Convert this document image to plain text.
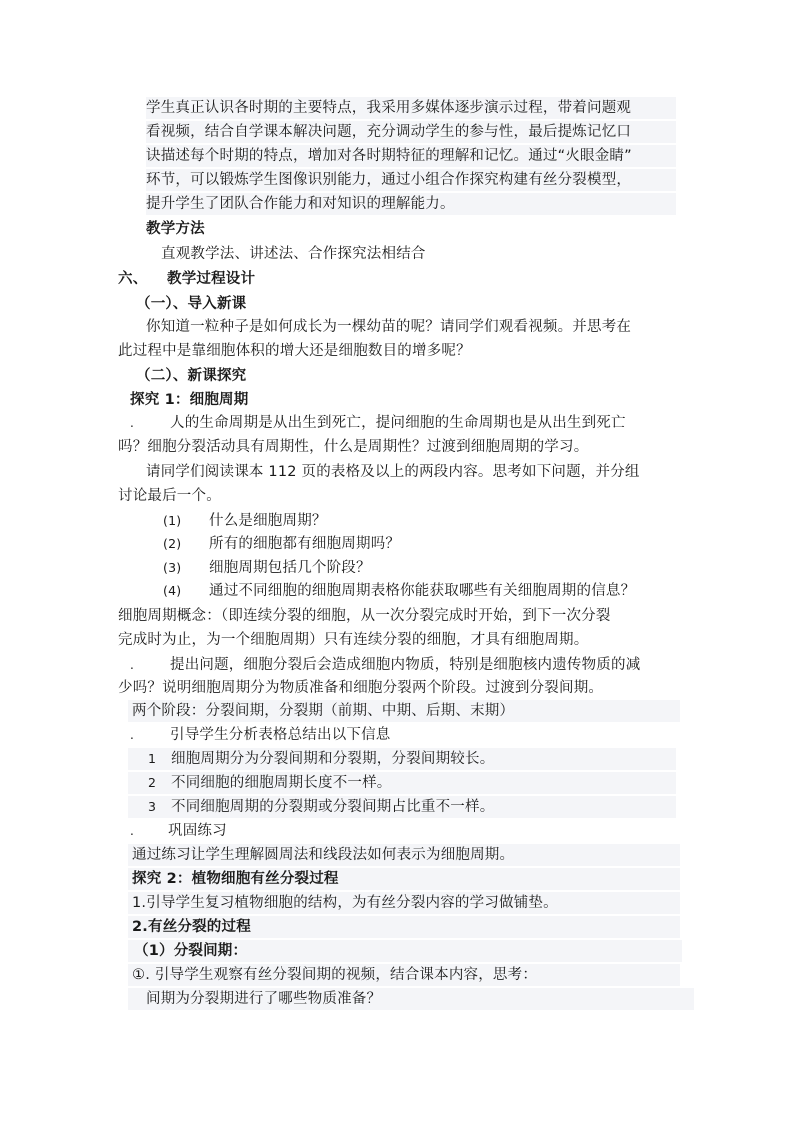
学生真正认识各时期的主要特点，我采用多媒体逐步演示过程，带着问题观
看视频，结合自学课本解决问题，充分调动学生的参与性，最后提炼记忆口
诀描述每个时期的特点，增加对各时期特征的理解和记忆。通过“火眼金睛”
环节，可以锻炼学生图像识别能力，通过小组合作探究构建有丝分裂模型，
提升学生了团队合作能力和对知识的理解能力。
教学方法
直观教学法、讲述法、合作探究法相结合
六、 教学过程设计
（一）、导入新课
你知道一粒种子是如何成长为一棵幼苗的呢？请同学们观看视频。并思考在
此过程中是靠细胞体积的增大还是细胞数目的增多呢？
（二）、新课探究
探究 1：细胞周期
. 人的生命周期是从出生到死亡，提问细胞的生命周期也是从出生到死亡
吗？细胞分裂活动具有周期性，什么是周期性？过渡到细胞周期的学习。
请同学们阅读课本 112 页的表格及以上的两段内容。思考如下问题，并分组
讨论最后一个。
(1) 什么是细胞周期？
(2) 所有的细胞都有细胞周期吗？
(3) 细胞周期包括几个阶段？
(4) 通过不同细胞的细胞周期表格你能获取哪些有关细胞周期的信息？
细胞周期概念：（即连续分裂的细胞，从一次分裂完成时开始，到下一次分裂
完成时为止，为一个细胞周期）只有连续分裂的细胞，才具有细胞周期。
. 提出问题，细胞分裂后会造成细胞内物质，特别是细胞核内遗传物质的减
少吗？说明细胞周期分为物质准备和细胞分裂两个阶段。过渡到分裂间期。
两个阶段：分裂间期，分裂期（前期、中期、后期、末期）
. 引导学生分析表格总结出以下信息
1 细胞周期分为分裂间期和分裂期，分裂间期较长。
2 不同细胞的细胞周期长度不一样。
3 不同细胞周期的分裂期或分裂间期占比重不一样。
. 巩固练习
通过练习让学生理解圆周法和线段法如何表示为细胞周期。
探究 2：植物细胞有丝分裂过程
1.引导学生复习植物细胞的结构，为有丝分裂内容的学习做铺垫。
2.有丝分裂的过程
（1）分裂间期：
①. 引导学生观察有丝分裂间期的视频，结合课本内容，思考：
间期为分裂期进行了哪些物质准备？
